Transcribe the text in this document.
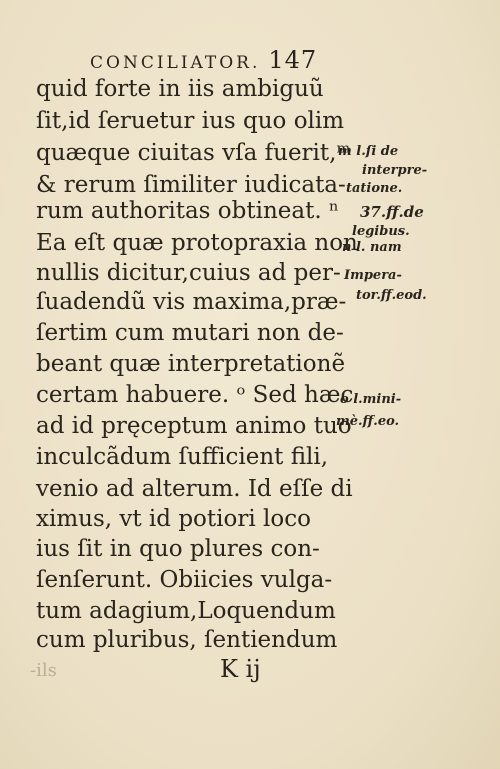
CONCILIATOR. 147
quid forte in iis ambiguũ
ſit,id ſeruetur ius quo olim
quæque ciuitas vſa fuerit,ᵐ
& rerum ſimiliter iudicata-
rum authoritas obtineat. ⁿ
Ea eſt quæ protopraxia non
nullis dicitur,cuius ad per-
ſuadendũ vis maxima,præ-
ſertim cum mutari non de-
beant quæ interpretationẽ
certam habuere. ᵒ Sed hæc
ad id pręceptum animo tuo
inculcãdum ſufficient fili,
venio ad alterum. Id eſſe di
ximus, vt id potiori loco
ius ſit in quo plures con-
ſenſerunt. Obiicies vulga-
tum adagium,Loquendum
cum pluribus, ſentiendum
m l.ſi de
interpre-
tatione.
37.ff.de
legibus.
n l. nam
Impera-
tor.ff.eod.
o l.mini-
mè.ff.eo.
-ils	K ij
